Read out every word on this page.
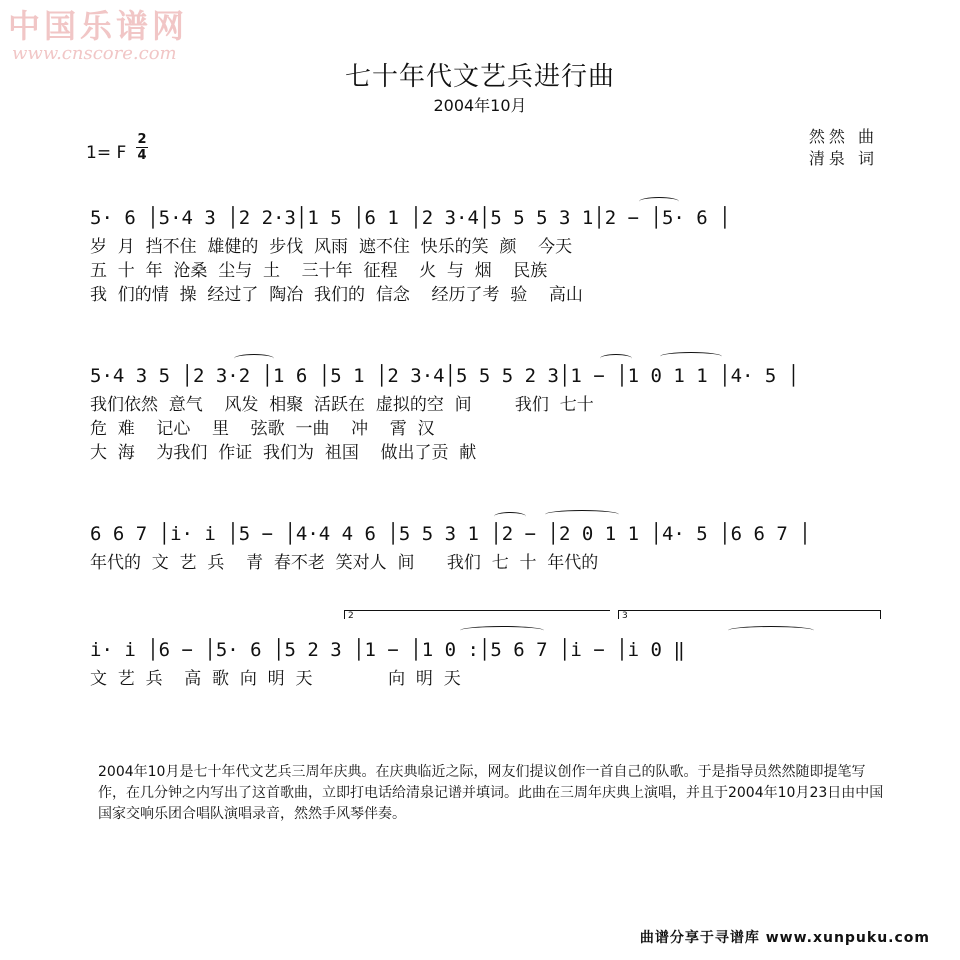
中国乐谱网
www.cnscore.com
七十年代文艺兵进行曲
2004年10月
1= F
2
4
然然 曲
清泉 词
5· 6 │5·4 3 │2 2·3│1 5 │6 1 │2 3·4│5 5 5 3 1│2 − │5· 6 │
岁  月  挡不住  雄健的  步伐  风雨  遮不住  快乐的笑  颜    今天
五  十  年  沧桑  尘与  土    三十年  征程    火  与  烟    民族
我  们的情  操  经过了  陶冶  我们的  信念    经历了考  验    高山
5·4 3 5 │2 3·2 │1 6 │5 1 │2 3·4│5 5 5 2 3│1 − │1 0 1 1 │4· 5 │
我们依然  意气    风发  相聚  活跃在  虚拟的空  间        我们  七十
危  难    记心    里    弦歌  一曲    冲    霄  汉
大  海    为我们  作证  我们为  祖国    做出了贡  献
6 6 7 │i· i │5 − │4·4 4 6 │5 5 3 1 │2 − │2 0 1 1 │4· 5 │6 6 7 │
年代的  文  艺  兵    青  春不老  笑对人  间      我们  七  十  年代的
2	3
i· i │6 − │5· 6 │5 2 3 │1 − │1 0 :│5 6 7 │i − │i 0 ‖
文  艺  兵    高  歌  向  明  天              向  明  天
2004年10月是七十年代文艺兵三周年庆典。在庆典临近之际，网友们提议创作一首自己的队歌。于是指导员然然随即提笔写作，在几分钟之内写出了这首歌曲，立即打电话给清泉记谱并填词。此曲在三周年庆典上演唱，并且于2004年10月23日由中国国家交响乐团合唱队演唱录音，然然手风琴伴奏。
曲谱分享于寻谱库 www.xunpuku.com
